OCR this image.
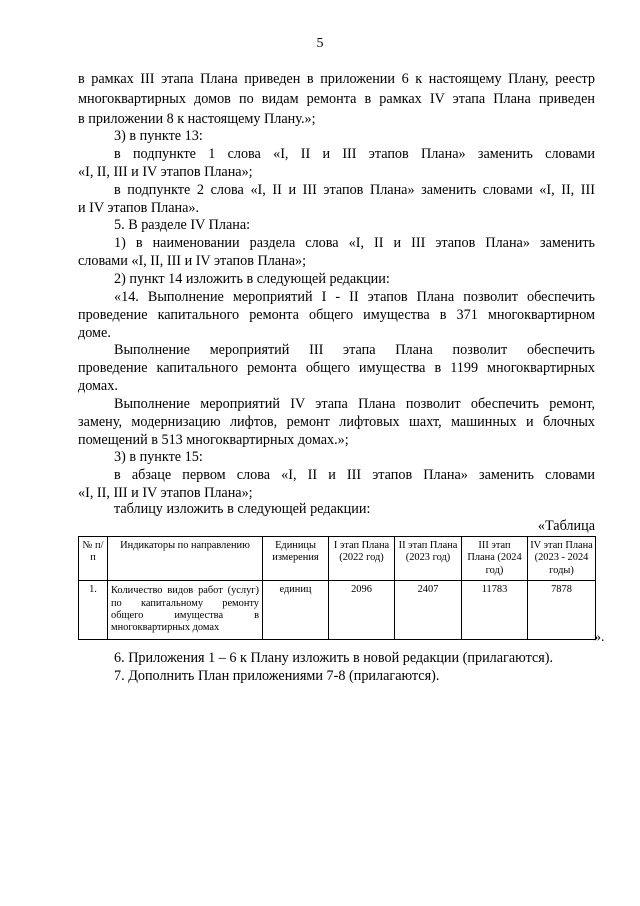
5
в рамках III этапа Плана приведен в приложении 6 к настоящему Плану, реестр
многоквартирных домов по видам ремонта в рамках IV этапа Плана приведен
в приложении 8 к настоящему Плану.»;
3) в пункте 13:
в подпункте 1 слова «I, II и III этапов Плана» заменить словами
«I, II, III и IV этапов Плана»;
в подпункте 2 слова «I, II и III этапов Плана» заменить словами «I, II, III
и IV этапов Плана».
5. В разделе IV Плана:
1) в наименовании раздела слова «I, II и III этапов Плана» заменить
словами «I, II, III и IV этапов Плана»;
2) пункт 14 изложить в следующей редакции:
«14. Выполнение мероприятий I - II этапов Плана позволит обеспечить
проведение капитального ремонта общего имущества в 371 многоквартирном
доме.
Выполнение мероприятий III этапа Плана позволит обеспечить
проведение капитального ремонта общего имущества в 1199 многоквартирных
домах.
Выполнение мероприятий IV этапа Плана позволит обеспечить ремонт,
замену, модернизацию лифтов, ремонт лифтовых шахт, машинных и блочных
помещений в 513 многоквартирных домах.»;
3) в пункте 15:
в абзаце первом слова «I, II и III этапов Плана» заменить словами
«I, II, III и IV этапов Плана»;
таблицу изложить в следующей редакции:
«Таблица
№ п/п	Индикаторы по направлению	Единицы измерения	I этап Плана (2022 год)	II этап Плана (2023 год)	III этап Плана (2024 год)	IV этап Плана (2023 - 2024 годы)
1.	Количество видов работ (услуг) по капитальному ремонту общего имущества в многоквартирных домах	единиц	2096	2407	11783	7878
».
6. Приложения 1 – 6 к Плану изложить в новой редакции (прилагаются).
7. Дополнить План приложениями 7-8 (прилагаются).
